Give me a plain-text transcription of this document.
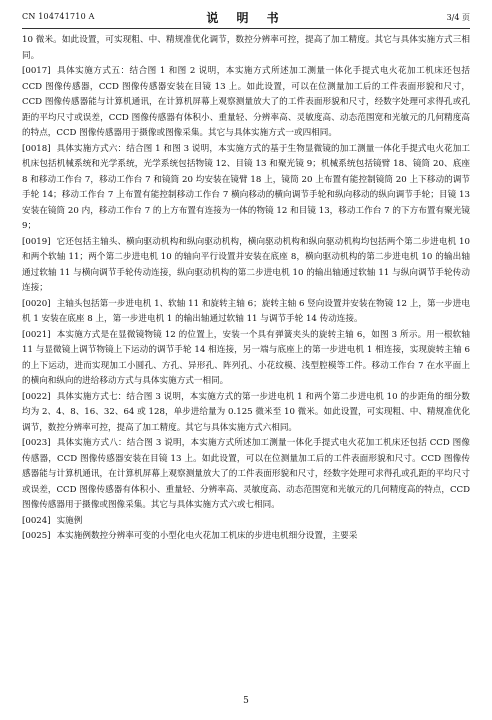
CN 104741710 A	说 明 书	3/4 页

10 微米。如此设置，可实现粗、中、精规准优化调节，数控分辨率可控，提高了加工精度。其它与具体实施方式三相同。

[0017] 具体实施方式五：结合图 1 和图 2 说明，本实施方式所述加工测量一体化手提式电火花加工机床还包括 CCD 图像传感器，CCD 图像传感器安装在目镜 13 上。如此设置，可以在位测量加工后的工件表面形貌和尺寸，CCD 图像传感器能与计算机通讯，在计算机屏幕上观察测量放大了的工件表面形貌和尺寸，经数字处理可求得孔或孔距的平均尺寸或误差，CCD 图像传感器有体积小、重量轻、分辨率高、灵敏度高、动态范围宽和光敏元的几何精度高的特点，CCD 图像传感器用于摄像或图像采集。其它与具体实施方式一或四相同。

[0018] 具体实施方式六：结合图 1 和图 3 说明，本实施方式的基于生物显微镜的加工测量一体化手提式电火花加工机床包括机械系统和光学系统，光学系统包括物镜 12、目镜 13 和聚光镜 9；机械系统包括镜臂 18、镜筒 20、底座 8 和移动工作台 7，移动工作台 7 和镜筒 20 均安装在镜臂 18 上，镜筒 20 上布置有能控制镜筒 20 上下移动的调节手轮 14；移动工作台 7 上布置有能控制移动工作台 7 横向移动的横向调节手轮和纵向移动的纵向调节手轮；目镜 13 安装在镜筒 20 内，移动工作台 7 的上方布置有连接为一体的物镜 12 和目镜 13，移动工作台 7 的下方布置有聚光镜 9；

[0019] 它还包括主轴头、横向驱动机构和纵向驱动机构，横向驱动机构和纵向驱动机构均包括两个第二步进电机 10 和两个软轴 11；两个第二步进电机 10 的轴向平行设置并安装在底座 8，横向驱动机构的第二步进电机 10 的输出轴通过软轴 11 与横向调节手轮传动连接，纵向驱动机构的第二步进电机 10 的输出轴通过软轴 11 与纵向调节手轮传动连接；

[0020] 主轴头包括第一步进电机 1、软轴 11 和旋转主轴 6；旋转主轴 6 竖向设置并安装在物镜 12 上，第一步进电机 1 安装在底座 8 上，第一步进电机 1 的输出轴通过软轴 11 与调节手轮 14 传动连接。

[0021] 本实施方式是在显微镜物镜 12 的位置上，安装一个具有弹簧夹头的旋转主轴 6，如图 3 所示。用一根软轴 11 与显微镜上调节物镜上下运动的调节手轮 14 相连接，另一端与底座上的第一步进电机 1 相连接，实现旋转主轴 6 的上下运动，进而实现加工小圆孔、方孔、异形孔、阵列孔、小花纹模、浅型腔模等工件。移动工作台 7 在水平面上的横向和纵向的进给移动方式与具体实施方式一相同。

[0022] 具体实施方式七：结合图 3 说明，本实施方式的第一步进电机 1 和两个第二步进电机 10 的步距角的细分数均为 2、4、8、16、32、64 或 128，单步进给量为 0.125 微米至 10 微米。如此设置，可实现粗、中、精规准优化调节，数控分辨率可控，提高了加工精度。其它与具体实施方式六相同。

[0023] 具体实施方式八：结合图 3 说明，本实施方式所述加工测量一体化手提式电火花加工机床还包括 CCD 图像传感器，CCD 图像传感器安装在目镜 13 上。如此设置，可以在位测量加工后的工件表面形貌和尺寸。CCD 图像传感器能与计算机通讯，在计算机屏幕上观察测量放大了的工件表面形貌和尺寸，经数字处理可求得孔或孔距的平均尺寸或误差，CCD 图像传感器有体积小、重量轻、分辨率高、灵敏度高、动态范围宽和光敏元的几何精度高的特点，CCD 图像传感器用于摄像或图像采集。其它与具体实施方式六或七相同。

[0024] 实施例

[0025] 本实施例数控分辨率可变的小型化电火花加工机床的步进电机细分设置，主要采

5
